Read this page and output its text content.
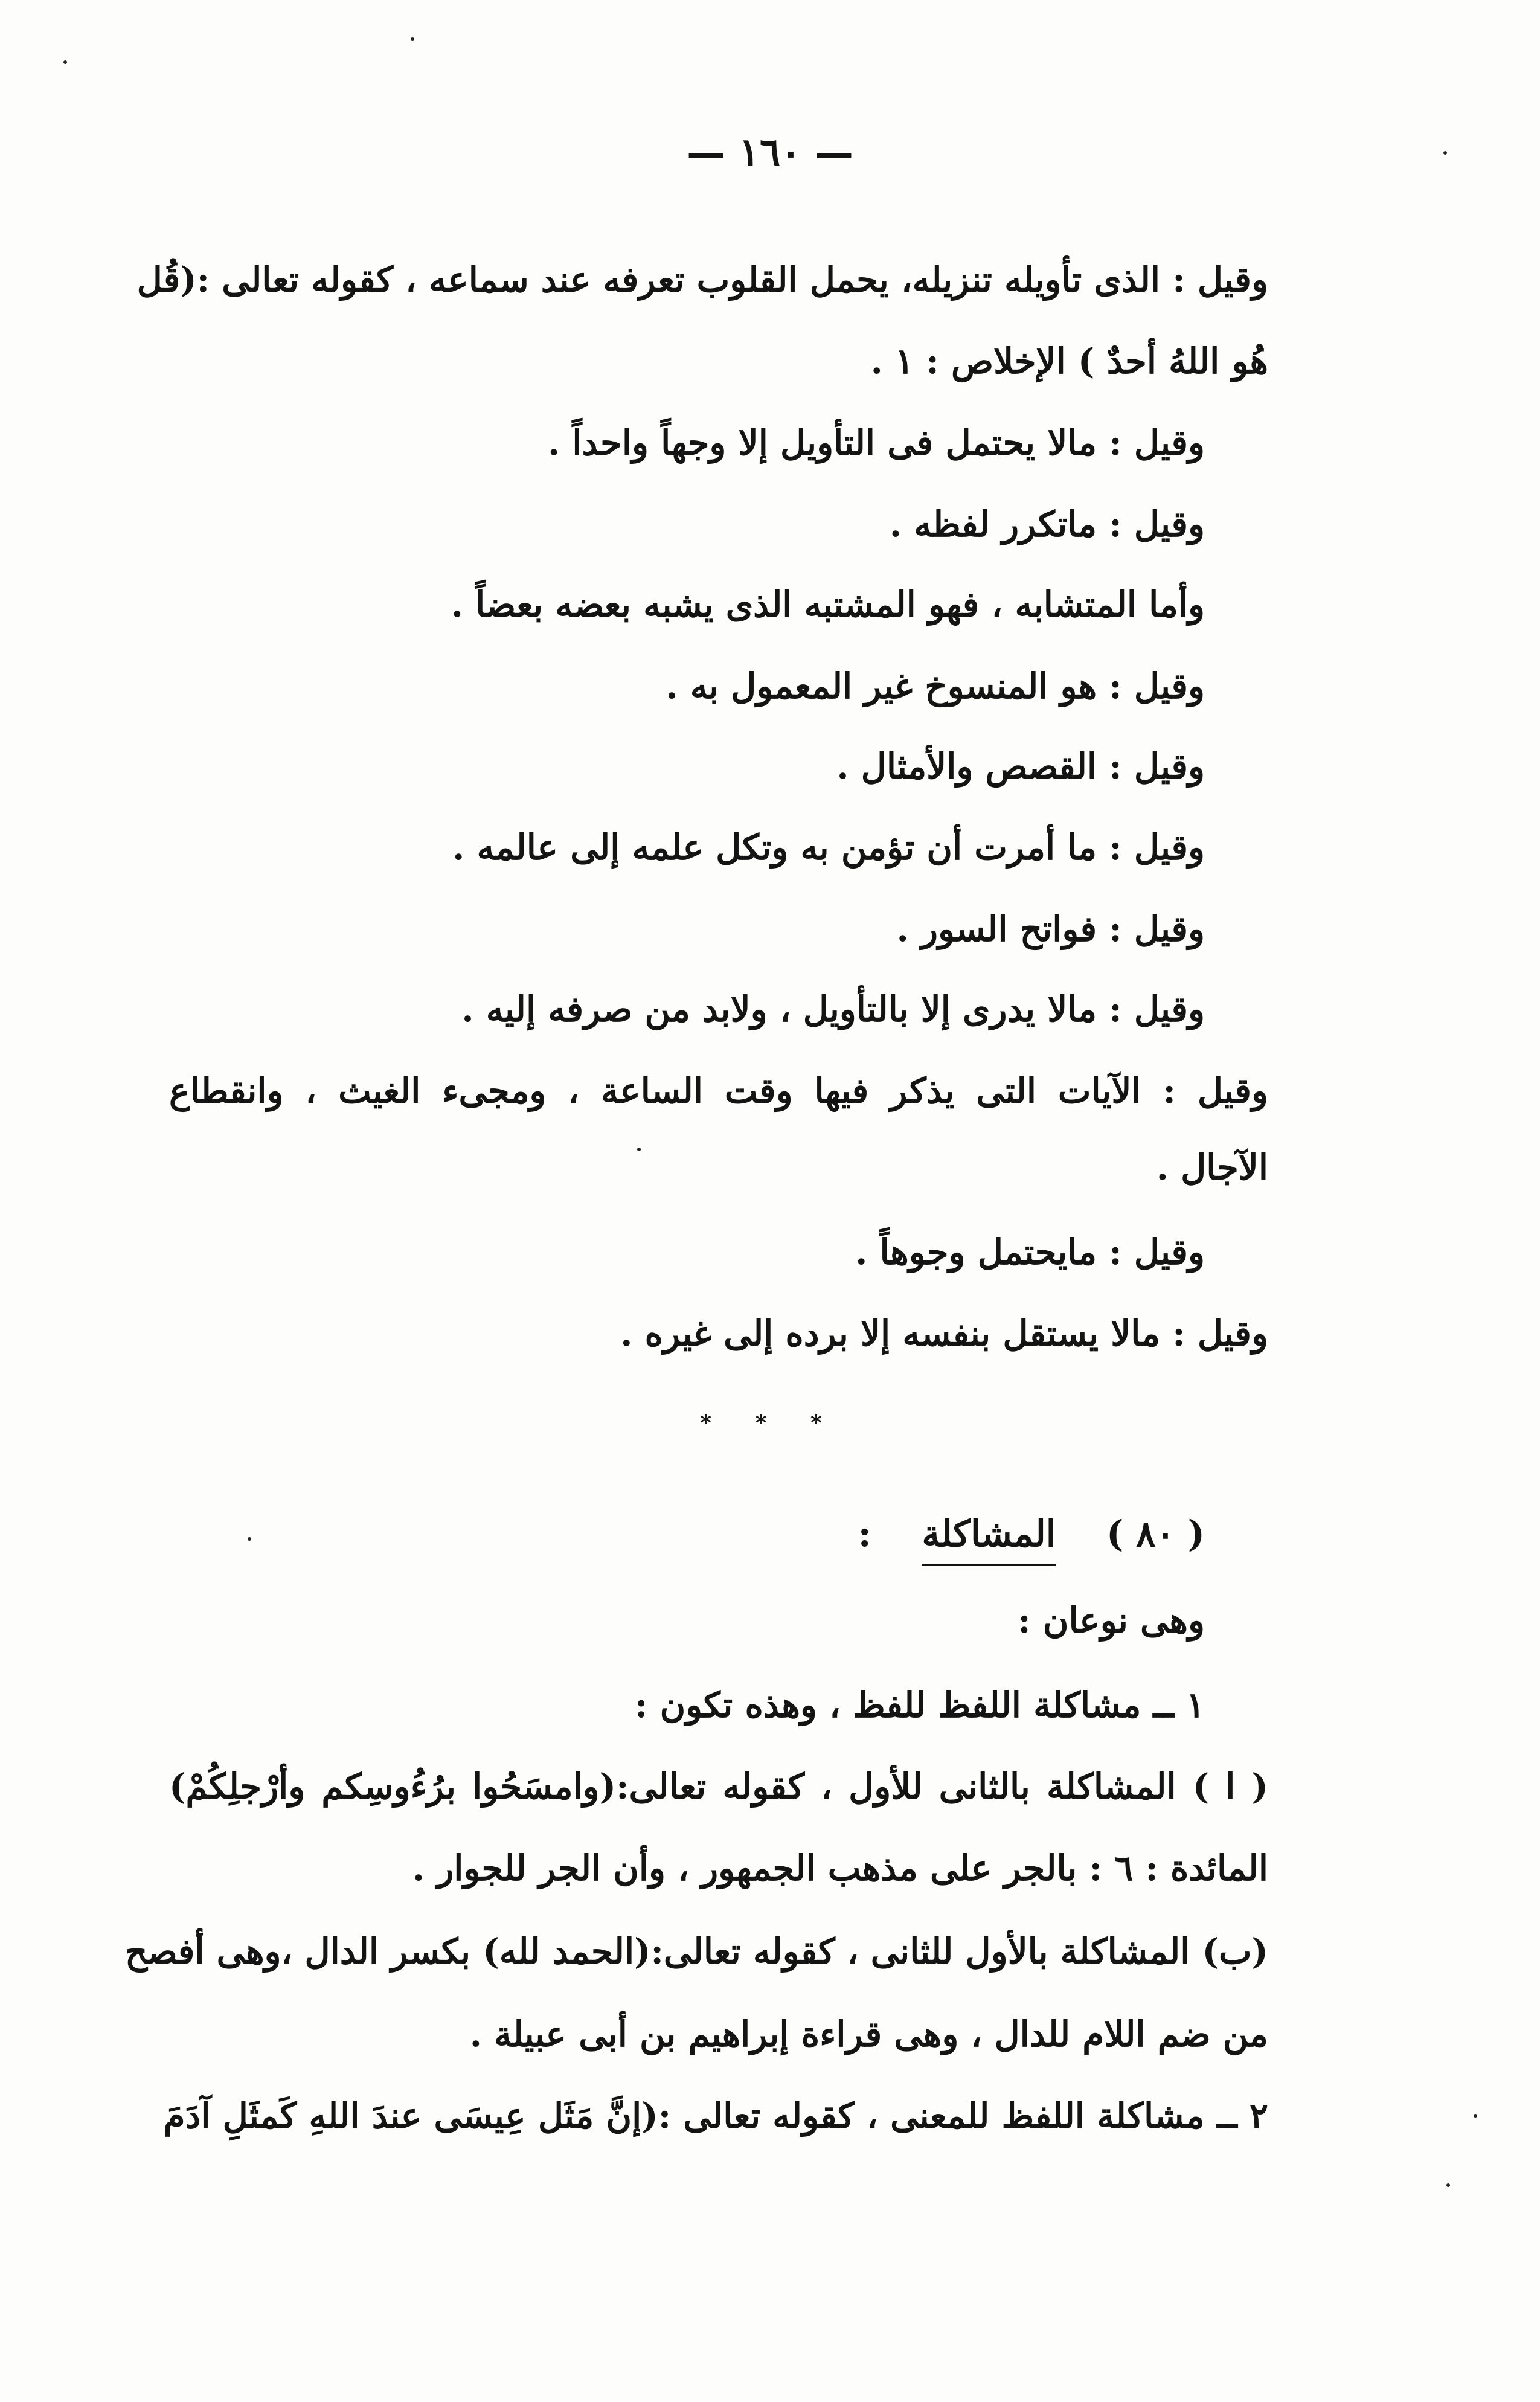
— ١٦٠ —
وقيل : الذى تأويله تنزيله، يحمل القلوب تعرفه عند سماعه ، كقوله تعالى :(قُل
هُو اللهُ أحدٌ ) الإخلاص : ١ .
وقيل : مالا يحتمل فى التأويل إلا وجهاً واحداً .
وقيل : ماتكرر لفظه .
وأما المتشابه ، فهو المشتبه الذى يشبه بعضه بعضاً .
وقيل : هو المنسوخ غير المعمول به .
وقيل : القصص والأمثال .
وقيل : ما أمرت أن تؤمن به وتكل علمه إلى عالمه .
وقيل : فواتح السور .
وقيل : مالا يدرى إلا بالتأويل ، ولابد من صرفه إليه .
وقيل : الآيات التى يذكر فيها وقت الساعة ، ومجىء الغيث ، وانقطاع
الآجال .
وقيل : مايحتمل وجوهاً .
وقيل : مالا يستقل بنفسه إلا برده إلى غيره .
* * *
( ٨٠ )    المشاكلة    :
وهى نوعان :
١ ــ مشاكلة اللفظ للفظ ، وهذه تكون :
( ا ) المشاكلة بالثانى للأول ، كقوله تعالى:(وامسَحُوا برُءُوسِكم وأرْجلِكُمْ)
المائدة : ٦ : بالجر على مذهب الجمهور ، وأن الجر للجوار .
(ب) المشاكلة بالأول للثانى ، كقوله تعالى:(الحمد لله) بكسر الدال ،وهى أفصح
من ضم اللام للدال ، وهى قراءة إبراهيم بن أبى عبيلة .
٢ ــ مشاكلة اللفظ للمعنى ، كقوله تعالى :(إنَّ مَثَل عِيسَى عندَ اللهِ كَمثَلِ آدَمَ
